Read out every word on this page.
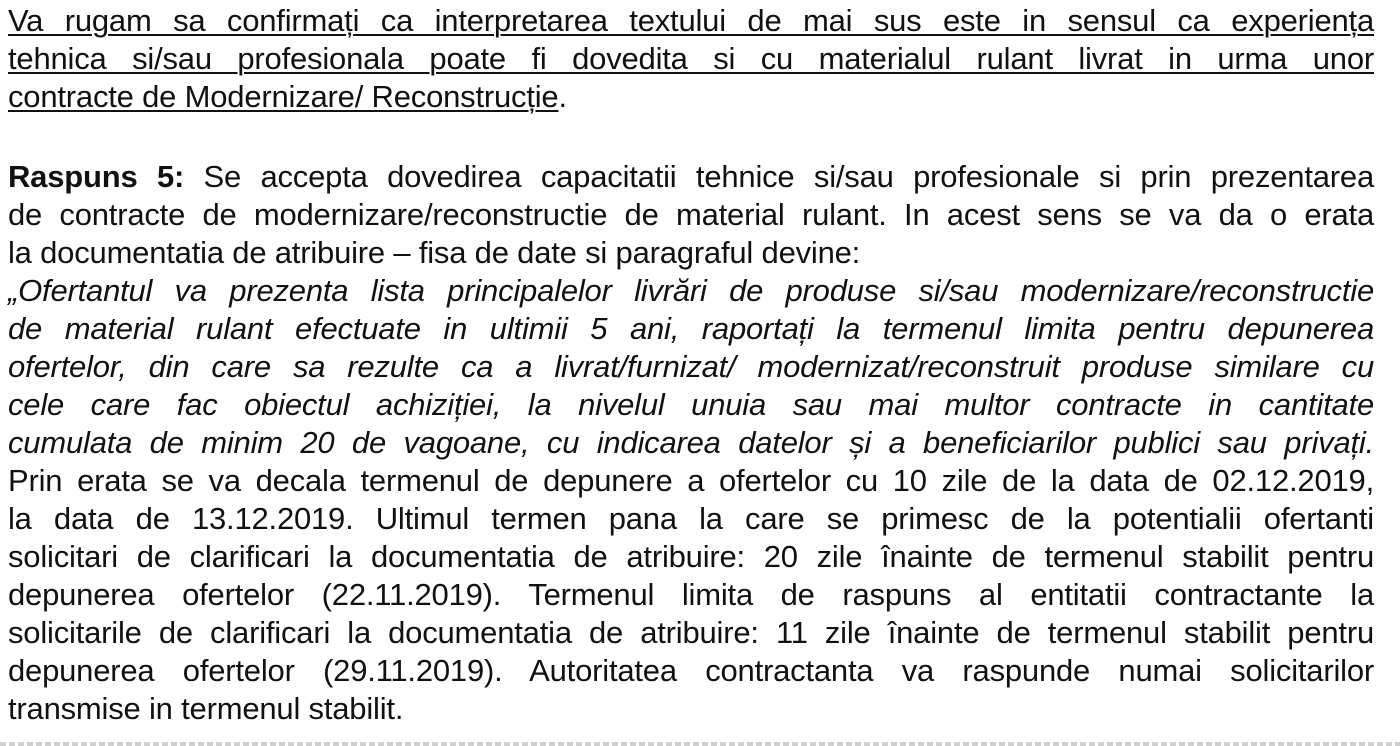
Va rugam sa confirmați ca interpretarea textului de mai sus este in sensul ca experiența
tehnica si/sau profesionala poate fi dovedita si cu materialul rulant livrat in urma unor
contracte de Modernizare/ Reconstrucție.
Raspuns 5: Se accepta dovedirea capacitatii tehnice si/sau profesionale si prin prezentarea
de contracte de modernizare/reconstructie de material rulant. In acest sens se va da o erata
la documentatia de atribuire – fisa de date si paragraful devine:
„Ofertantul va prezenta lista principalelor livrări de produse si/sau modernizare/reconstructie
de material rulant efectuate in ultimii 5 ani, raportați la termenul limita pentru depunerea
ofertelor, din care sa rezulte ca a livrat/furnizat/ modernizat/reconstruit produse similare cu
cele care fac obiectul achiziției, la nivelul unuia sau mai multor contracte in cantitate
cumulata de minim 20 de vagoane, cu indicarea datelor și a beneficiarilor publici sau privați.
Prin erata se va decala termenul de depunere a ofertelor cu 10 zile de la data de 02.12.2019,
la data de 13.12.2019. Ultimul termen pana la care se primesc de la potentialii ofertanti
solicitari de clarificari la documentatia de atribuire: 20 zile înainte de termenul stabilit pentru
depunerea ofertelor (22.11.2019). Termenul limita de raspuns al entitatii contractante la
solicitarile de clarificari la documentatia de atribuire: 11 zile înainte de termenul stabilit pentru
depunerea ofertelor (29.11.2019). Autoritatea contractanta va raspunde numai solicitarilor
transmise in termenul stabilit.
